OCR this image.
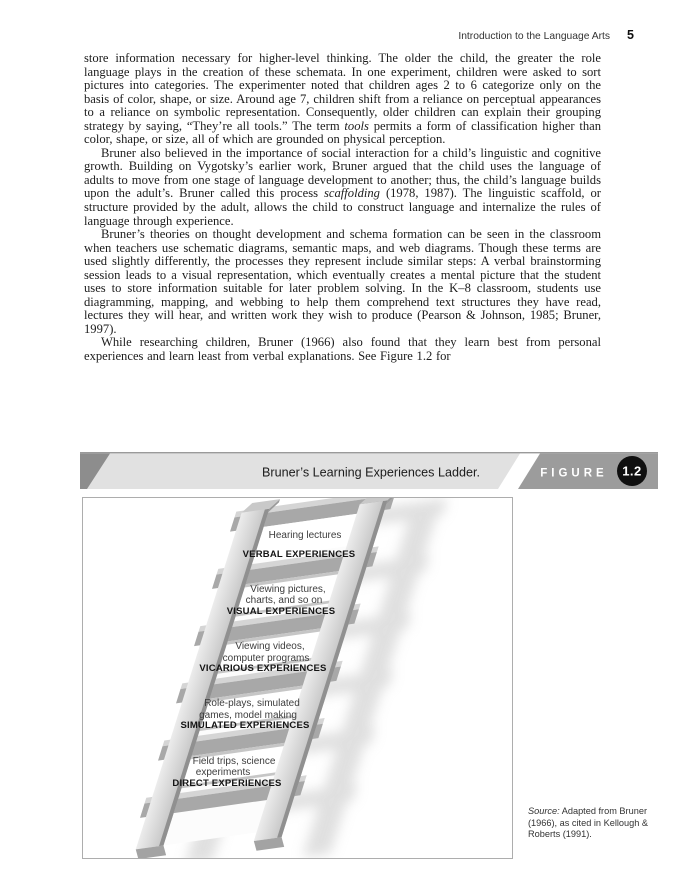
Introduction to the Language Arts 5

store information necessary for higher-level thinking. The older the child, the greater the role language plays in the creation of these schemata. In one experiment, children were asked to sort pictures into categories. The experimenter noted that children ages 2 to 6 categorize only on the basis of color, shape, or size. Around age 7, children shift from a reliance on perceptual appearances to a reliance on symbolic representation. Consequently, older children can explain their grouping strategy by saying, “They’re all tools.” The term tools permits a form of classification higher than color, shape, or size, all of which are grounded on physical perception.

Bruner also believed in the importance of social interaction for a child’s linguistic and cognitive growth. Building on Vygotsky’s earlier work, Bruner argued that the child uses the language of adults to move from one stage of language development to another; thus, the child’s language builds upon the adult’s. Bruner called this process scaffolding (1978, 1987). The linguistic scaffold, or structure provided by the adult, allows the child to construct language and internalize the rules of language through experience.

Bruner’s theories on thought development and schema formation can be seen in the classroom when teachers use schematic diagrams, semantic maps, and web diagrams. Though these terms are used slightly differently, the processes they represent include similar steps: A verbal brainstorming session leads to a visual representation, which eventually creates a mental picture that the student uses to store information suitable for later problem solving. In the K–8 classroom, students use diagramming, mapping, and webbing to help them comprehend text structures they have read, lectures they will hear, and written work they wish to produce (Pearson & Johnson, 1985; Bruner, 1997).

While researching children, Bruner (1966) also found that they learn best from personal experiences and learn least from verbal explanations. See Figure 1.2 for

Bruner’s Learning Experiences Ladder.	FIGURE 1.2
Hearing lectures
VERBAL EXPERIENCES
Viewing pictures,
charts, and so on
VISUAL EXPERIENCES
Viewing videos,
computer programs
VICARIOUS EXPERIENCES
Role-plays, simulated
games, model making
SIMULATED EXPERIENCES
Field trips, science
experiments
DIRECT EXPERIENCES
Source: Adapted from Bruner (1966), as cited in Kellough & Roberts (1991).
